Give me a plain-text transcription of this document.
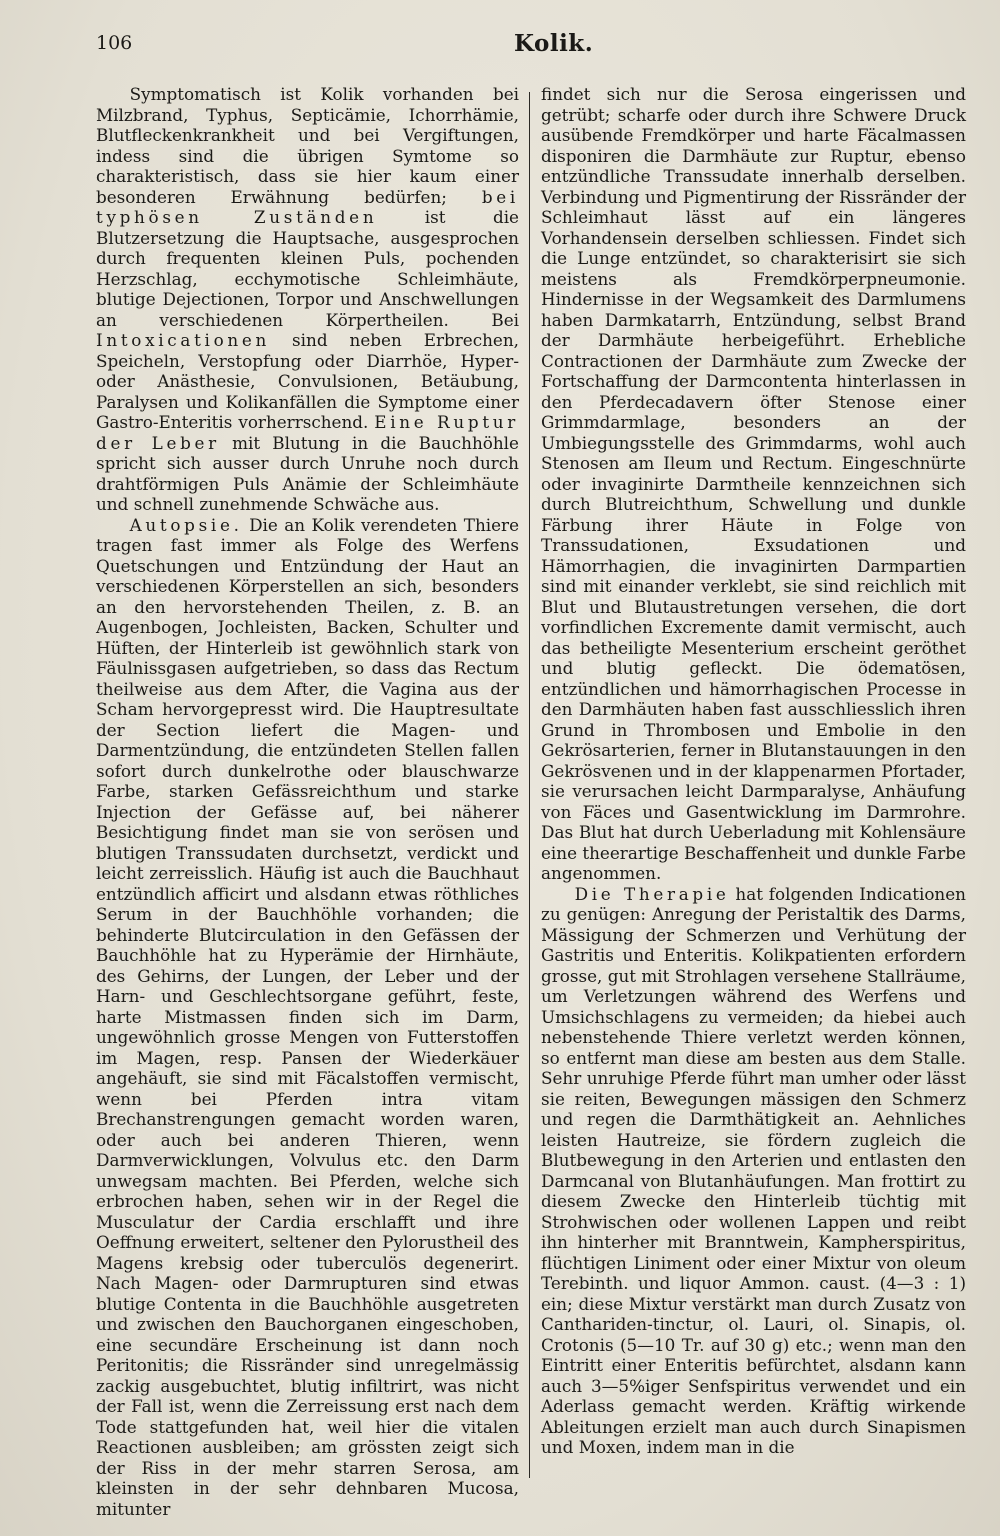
106	Kolik.

Symptomatisch ist Kolik vorhanden bei Milzbrand, Typhus, Septicämie, Ichorrhämie, Blutfleckenkrankheit und bei Vergiftungen, indess sind die übrigen Symtome so charakteristisch, dass sie hier kaum einer besonderen Erwähnung bedürfen; bei typhösen Zuständen	ist die Blutzersetzung die Hauptsache, ausgesprochen durch frequenten kleinen Puls, pochenden Herzschlag, ecchymotische Schleimhäute, blutige Dejectionen, Torpor und Anschwellungen an verschiedenen Körpertheilen. Bei Intoxicationen sind neben Erbrechen, Speicheln, Verstopfung oder Diarrhöe, Hyper- oder Anästhesie, Convulsionen, Betäubung, Paralysen und Kolikanfällen die Symptome einer Gastro-Enteritis vorherrschend. Eine Ruptur der Leber mit Blutung in die Bauchhöhle spricht sich ausser durch Unruhe noch durch drahtförmigen Puls Anämie der Schleimhäute und schnell zunehmende Schwäche aus.

Autopsie. Die an Kolik verendeten Thiere tragen fast immer als Folge des Werfens Quetschungen und Entzündung der Haut an verschiedenen Körperstellen an sich, besonders an den hervorstehenden Theilen, z. B. an Augenbogen, Jochleisten, Backen, Schulter und Hüften, der Hinterleib ist gewöhnlich stark von Fäulnissgasen aufgetrieben, so dass das Rectum theilweise aus dem After, die Vagina aus der Scham hervorgepresst wird. Die Hauptresultate der Section liefert die Magen- und Darmentzündung, die entzündeten Stellen fallen sofort durch dunkelrothe oder blauschwarze Farbe, starken Gefässreichthum und starke Injection der Gefässe auf, bei näherer Besichtigung findet man sie von serösen und blutigen Transsudaten durchsetzt, verdickt und leicht zerreisslich. Häufig ist auch die Bauchhaut entzündlich afficirt und alsdann etwas röthliches Serum in der Bauchhöhle vorhanden; die behinderte Blutcirculation in den Gefässen der Bauchhöhle hat zu Hyperämie der Hirnhäute, des Gehirns, der Lungen, der Leber und der Harn- und Geschlechtsorgane geführt, feste, harte Mistmassen finden sich im Darm, ungewöhnlich grosse Mengen von Futterstoffen im Magen, resp. Pansen der Wiederkäuer angehäuft, sie sind mit Fäcalstoffen vermischt, wenn bei Pferden intra vitam Brechanstrengungen gemacht worden waren, oder auch bei anderen Thieren, wenn Darmverwicklungen, Volvulus etc. den Darm unwegsam machten. Bei Pferden, welche sich erbrochen haben, sehen wir in der Regel die Musculatur der Cardia erschlafft und ihre Oeffnung erweitert, seltener den Pylorustheil des Magens krebsig oder tuberculös degenerirt. Nach Magen- oder Darmrupturen sind etwas blutige Contenta in die Bauchhöhle ausgetreten und zwischen den Bauchorganen eingeschoben, eine secundäre Erscheinung ist dann noch Peritonitis; die Rissränder sind unregelmässig zackig ausgebuchtet, blutig infiltrirt, was nicht der Fall ist, wenn die Zerreissung erst nach dem Tode stattgefunden hat, weil hier die vitalen Reactionen ausbleiben; am grössten zeigt sich der Riss in der mehr starren Serosa, am kleinsten in der sehr dehnbaren Mucosa, mitunter

findet sich nur die Serosa eingerissen und getrübt; scharfe oder durch ihre Schwere Druck ausübende Fremdkörper und harte Fäcalmassen disponiren die Darmhäute zur Ruptur, ebenso entzündliche Transsudate innerhalb derselben. Verbindung und Pigmentirung der Rissränder der Schleimhaut lässt auf ein längeres Vorhandensein derselben schliessen. Findet sich die Lunge entzündet, so charakterisirt sie sich meistens als Fremdkörperpneumonie. Hindernisse in der Wegsamkeit des Darmlumens haben Darmkatarrh, Entzündung, selbst Brand der Darmhäute herbeigeführt. Erhebliche Contractionen der Darmhäute zum Zwecke der Fortschaffung der Darmcontenta hinterlassen in den Pferdecadavern öfter Stenose einer Grimmdarmlage, besonders an der Umbiegungsstelle des Grimmdarms, wohl auch Stenosen am Ileum und Rectum. Eingeschnürte oder invaginirte Darmtheile kennzeichnen sich durch Blutreichthum, Schwellung und dunkle Färbung ihrer Häute in Folge von Transsudationen, Exsudationen und Hämorrhagien, die invaginirten Darmpartien sind mit einander verklebt, sie sind reichlich mit Blut und Blutaustretungen versehen, die dort vorfindlichen Excremente damit vermischt, auch das betheiligte Mesenterium erscheint geröthet und blutig gefleckt. Die ödematösen, entzündlichen und hämorrhagischen Processe in den Darmhäuten haben fast ausschliesslich ihren Grund in Thrombosen und Embolie in den Gekrösarterien, ferner in Blutanstauungen in den Gekrösvenen und in der klappenarmen Pfortader, sie verursachen leicht Darmparalyse, Anhäufung von Fäces und Gasentwicklung im Darmrohre. Das Blut hat durch Ueberladung mit Kohlensäure eine theerartige Beschaffenheit und dunkle Farbe angenommen.

Die Therapie hat folgenden Indicationen zu genügen: Anregung der Peristaltik des Darms, Mässigung der Schmerzen und Verhütung der Gastritis und Enteritis. Kolikpatienten erfordern grosse, gut mit Strohlagen versehene Stallräume, um Verletzungen während des Werfens und Umsichschlagens zu vermeiden; da hiebei auch nebenstehende Thiere verletzt werden können, so entfernt man diese am besten aus dem Stalle. Sehr unruhige Pferde führt man umher oder lässt sie reiten, Bewegungen mässigen den Schmerz und regen die Darmthätigkeit an. Aehnliches leisten Hautreize, sie fördern zugleich die Blutbewegung in den Arterien und entlasten den Darmcanal von Blutanhäufungen. Man frottirt zu diesem Zwecke den Hinterleib tüchtig mit Strohwischen oder wollenen Lappen und reibt ihn hinterher mit Branntwein, Kampherspiritus, flüchtigen Liniment oder einer Mixtur von oleum Terebinth. und liquor Ammon. caust. (4—3 : 1) ein; diese Mixtur verstärkt man durch Zusatz von Canthariden-tinctur, ol. Lauri, ol. Sinapis, ol. Crotonis (5—10 Tr. auf 30 g) etc.; wenn man den Eintritt einer Enteritis befürchtet, alsdann kann auch 3—5%iger Senfspiritus verwendet und ein Aderlass gemacht werden. Kräftig wirkende Ableitungen erzielt man auch durch Sinapismen und Moxen, indem man in die
